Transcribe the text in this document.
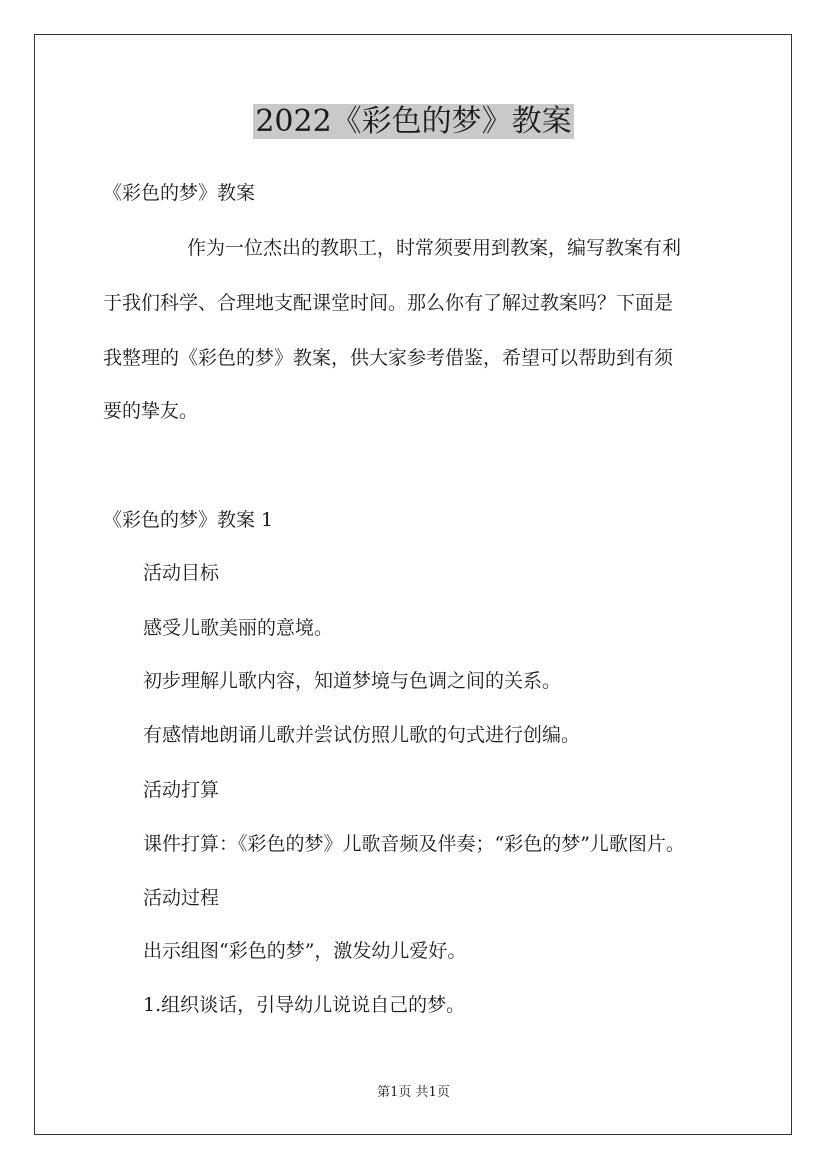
2022《彩色的梦》教案

《彩色的梦》教案

作为一位杰出的教职工，时常须要用到教案，编写教案有利

于我们科学、合理地支配课堂时间。那么你有了解过教案吗？下面是

我整理的《彩色的梦》教案，供大家参考借鉴，希望可以帮助到有须

要的挚友。

《彩色的梦》教案 1

活动目标

感受儿歌美丽的意境。

初步理解儿歌内容，知道梦境与色调之间的关系。

有感情地朗诵儿歌并尝试仿照儿歌的句式进行创编。

活动打算

课件打算：《彩色的梦》儿歌音频及伴奏；“彩色的梦”儿歌图片。

活动过程

出示组图“彩色的梦”，激发幼儿爱好。

1.组织谈话，引导幼儿说说自己的梦。

第1页 共1页
